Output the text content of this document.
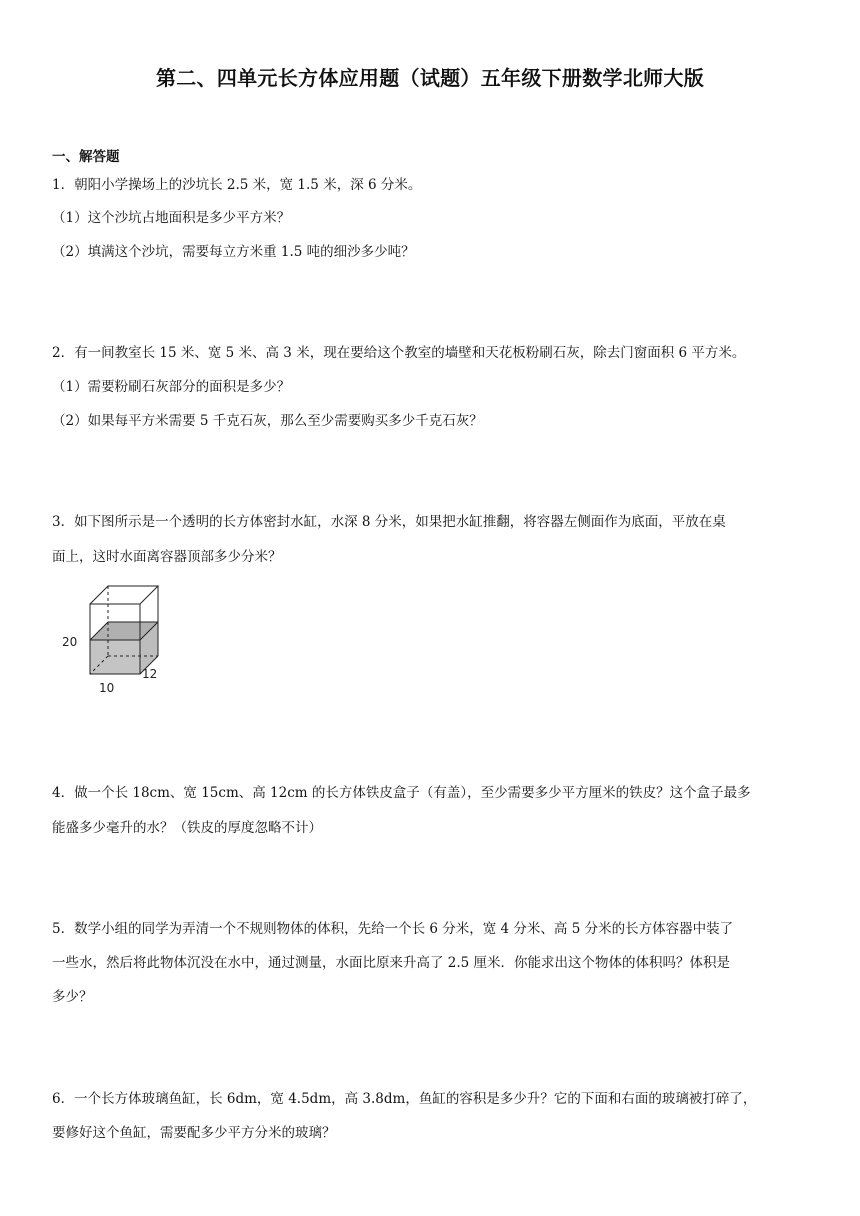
第二、四单元长方体应用题（试题）五年级下册数学北师大版
一、解答题
1．朝阳小学操场上的沙坑长 2.5 米，宽 1.5 米，深 6 分米。
（1）这个沙坑占地面积是多少平方米？
（2）填满这个沙坑，需要每立方米重 1.5 吨的细沙多少吨？
2．有一间教室长 15 米、宽 5 米、高 3 米，现在要给这个教室的墙壁和天花板粉刷石灰，除去门窗面积 6 平方米。
（1）需要粉刷石灰部分的面积是多少？
（2）如果每平方米需要 5 千克石灰，那么至少需要购买多少千克石灰？
3．如下图所示是一个透明的长方体密封水缸，水深 8 分米，如果把水缸推翻，将容器左侧面作为底面，平放在桌
面上，这时水面离容器顶部多少分米？
20
10
12
4．做一个长 18cm、宽 15cm、高 12cm 的长方体铁皮盒子（有盖），至少需要多少平方厘米的铁皮？这个盒子最多
能盛多少毫升的水？（铁皮的厚度忽略不计）
5．数学小组的同学为弄清一个不规则物体的体积，先给一个长 6 分米，宽 4 分米、高 5 分米的长方体容器中装了
一些水，然后将此物体沉没在水中，通过测量，水面比原来升高了 2.5 厘米．你能求出这个物体的体积吗？体积是
多少？
6．一个长方体玻璃鱼缸，长 6dm，宽 4.5dm，高 3.8dm，鱼缸的容积是多少升？它的下面和右面的玻璃被打碎了，
要修好这个鱼缸，需要配多少平方分米的玻璃？
